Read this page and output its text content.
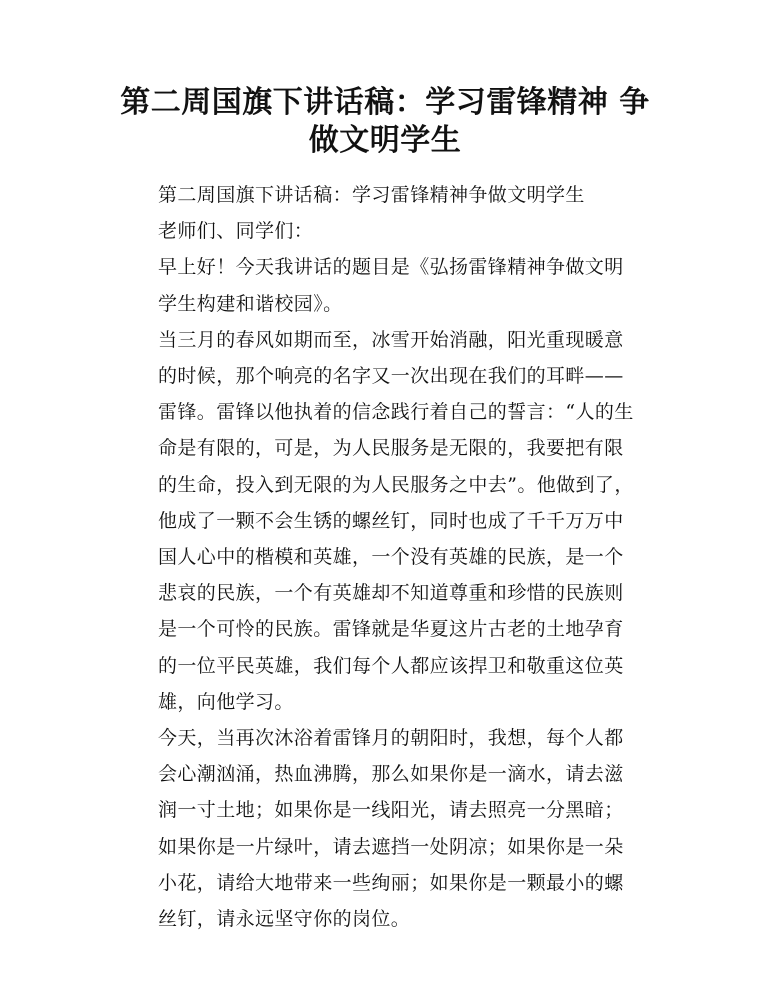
第二周国旗下讲话稿：学习雷锋精神 争
做文明学生

第二周国旗下讲话稿：学习雷锋精神争做文明学生

老师们、同学们：

早上好！今天我讲话的题目是《弘扬雷锋精神争做文明学生构建和谐校园》。

当三月的春风如期而至，冰雪开始消融，阳光重现暖意的时候，那个响亮的名字又一次出现在我们的耳畔——雷锋。雷锋以他执着的信念践行着自己的誓言：“人的生命是有限的，可是，为人民服务是无限的，我要把有限的生命，投入到无限的为人民服务之中去”。他做到了，他成了一颗不会生锈的螺丝钉，同时也成了千千万万中国人心中的楷模和英雄，一个没有英雄的民族，是一个悲哀的民族，一个有英雄却不知道尊重和珍惜的民族则是一个可怜的民族。雷锋就是华夏这片古老的土地孕育的一位平民英雄，我们每个人都应该捍卫和敬重这位英雄，向他学习。

今天，当再次沐浴着雷锋月的朝阳时，我想，每个人都会心潮汹涌，热血沸腾，那么如果你是一滴水，请去滋润一寸土地；如果你是一线阳光，请去照亮一分黑暗；如果你是一片绿叶，请去遮挡一处阴凉；如果你是一朵小花，请给大地带来一些绚丽；如果你是一颗最小的螺丝钉，请永远坚守你的岗位。
